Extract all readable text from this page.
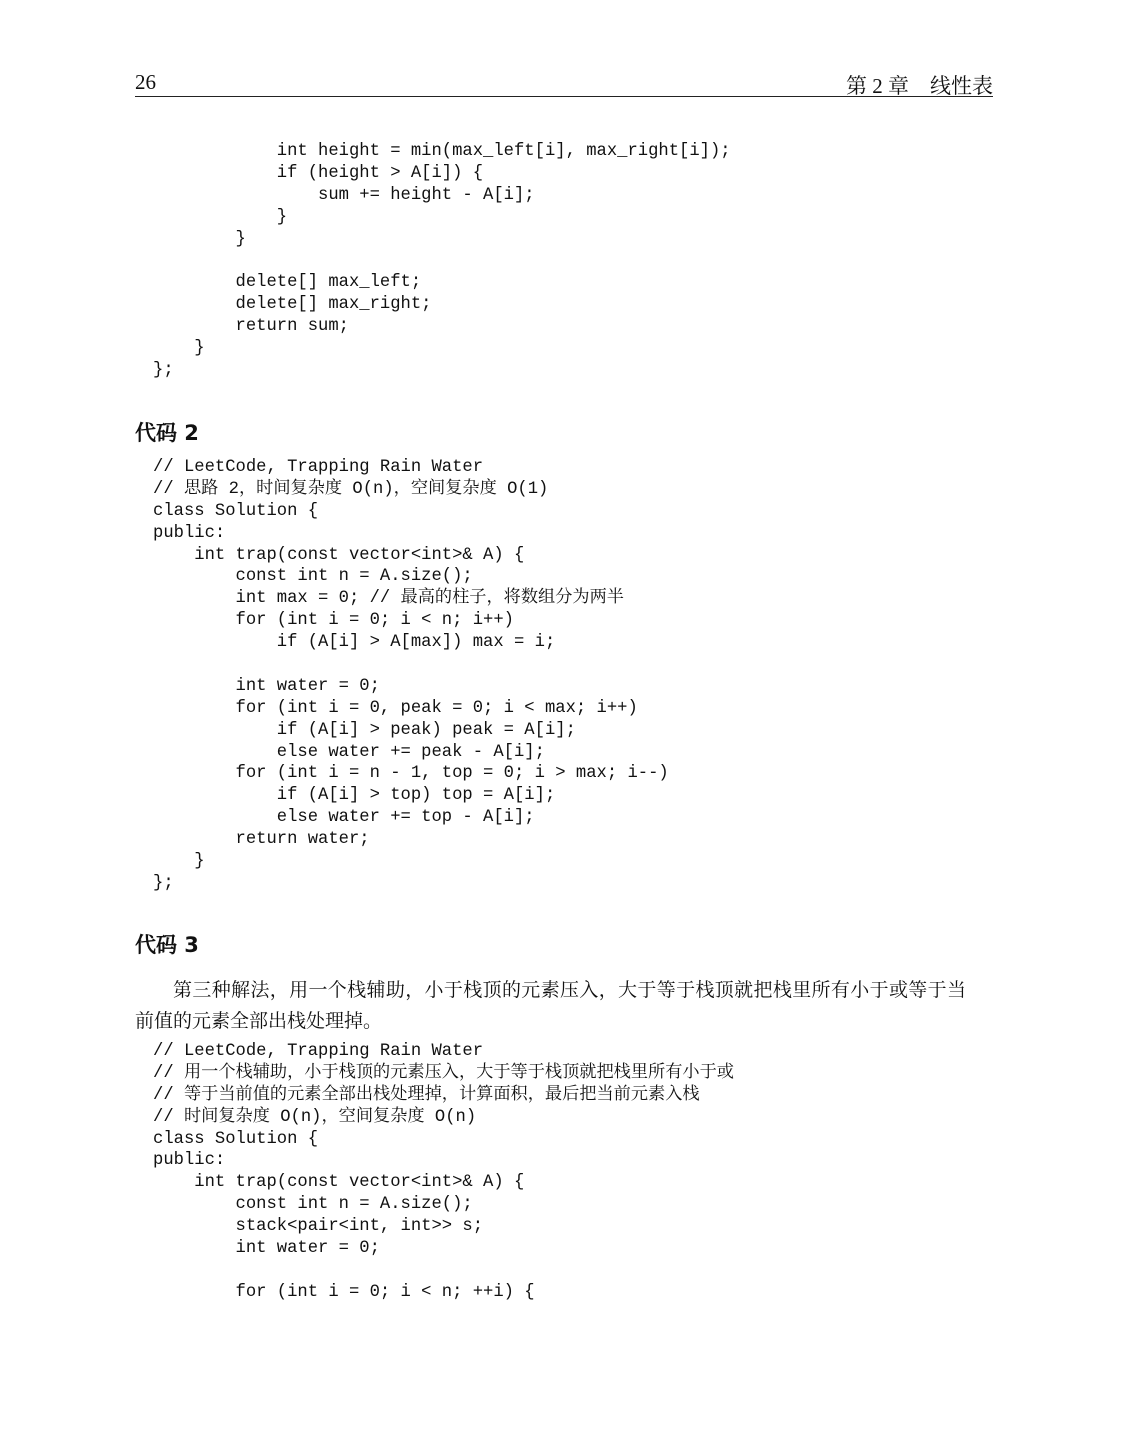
26	第 2 章　线性表
int height = min(max_left[i], max_right[i]);
if (height > A[i]) {
sum += height - A[i];
}
}
delete[] max_left;
delete[] max_right;
return sum;
}
};
代码 2
// LeetCode, Trapping Rain Water
// 思路 2，时间复杂度 O(n)，空间复杂度 O(1)
class Solution {
public:
int trap(const vector<int>& A) {
const int n = A.size();
int max = 0; // 最高的柱子，将数组分为两半
for (int i = 0; i < n; i++)
if (A[i] > A[max]) max = i;
int water = 0;
for (int i = 0, peak = 0; i < max; i++)
if (A[i] > peak) peak = A[i];
else water += peak - A[i];
for (int i = n - 1, top = 0; i > max; i--)
if (A[i] > top) top = A[i];
else water += top - A[i];
return water;
}
};
代码 3
第三种解法，用一个栈辅助，小于栈顶的元素压入，大于等于栈顶就把栈里所有小于或等于当
前值的元素全部出栈处理掉。
// LeetCode, Trapping Rain Water
// 用一个栈辅助，小于栈顶的元素压入，大于等于栈顶就把栈里所有小于或
// 等于当前值的元素全部出栈处理掉，计算面积，最后把当前元素入栈
// 时间复杂度 O(n)，空间复杂度 O(n)
class Solution {
public:
int trap(const vector<int>& A) {
const int n = A.size();
stack<pair<int, int>> s;
int water = 0;
for (int i = 0; i < n; ++i) {
